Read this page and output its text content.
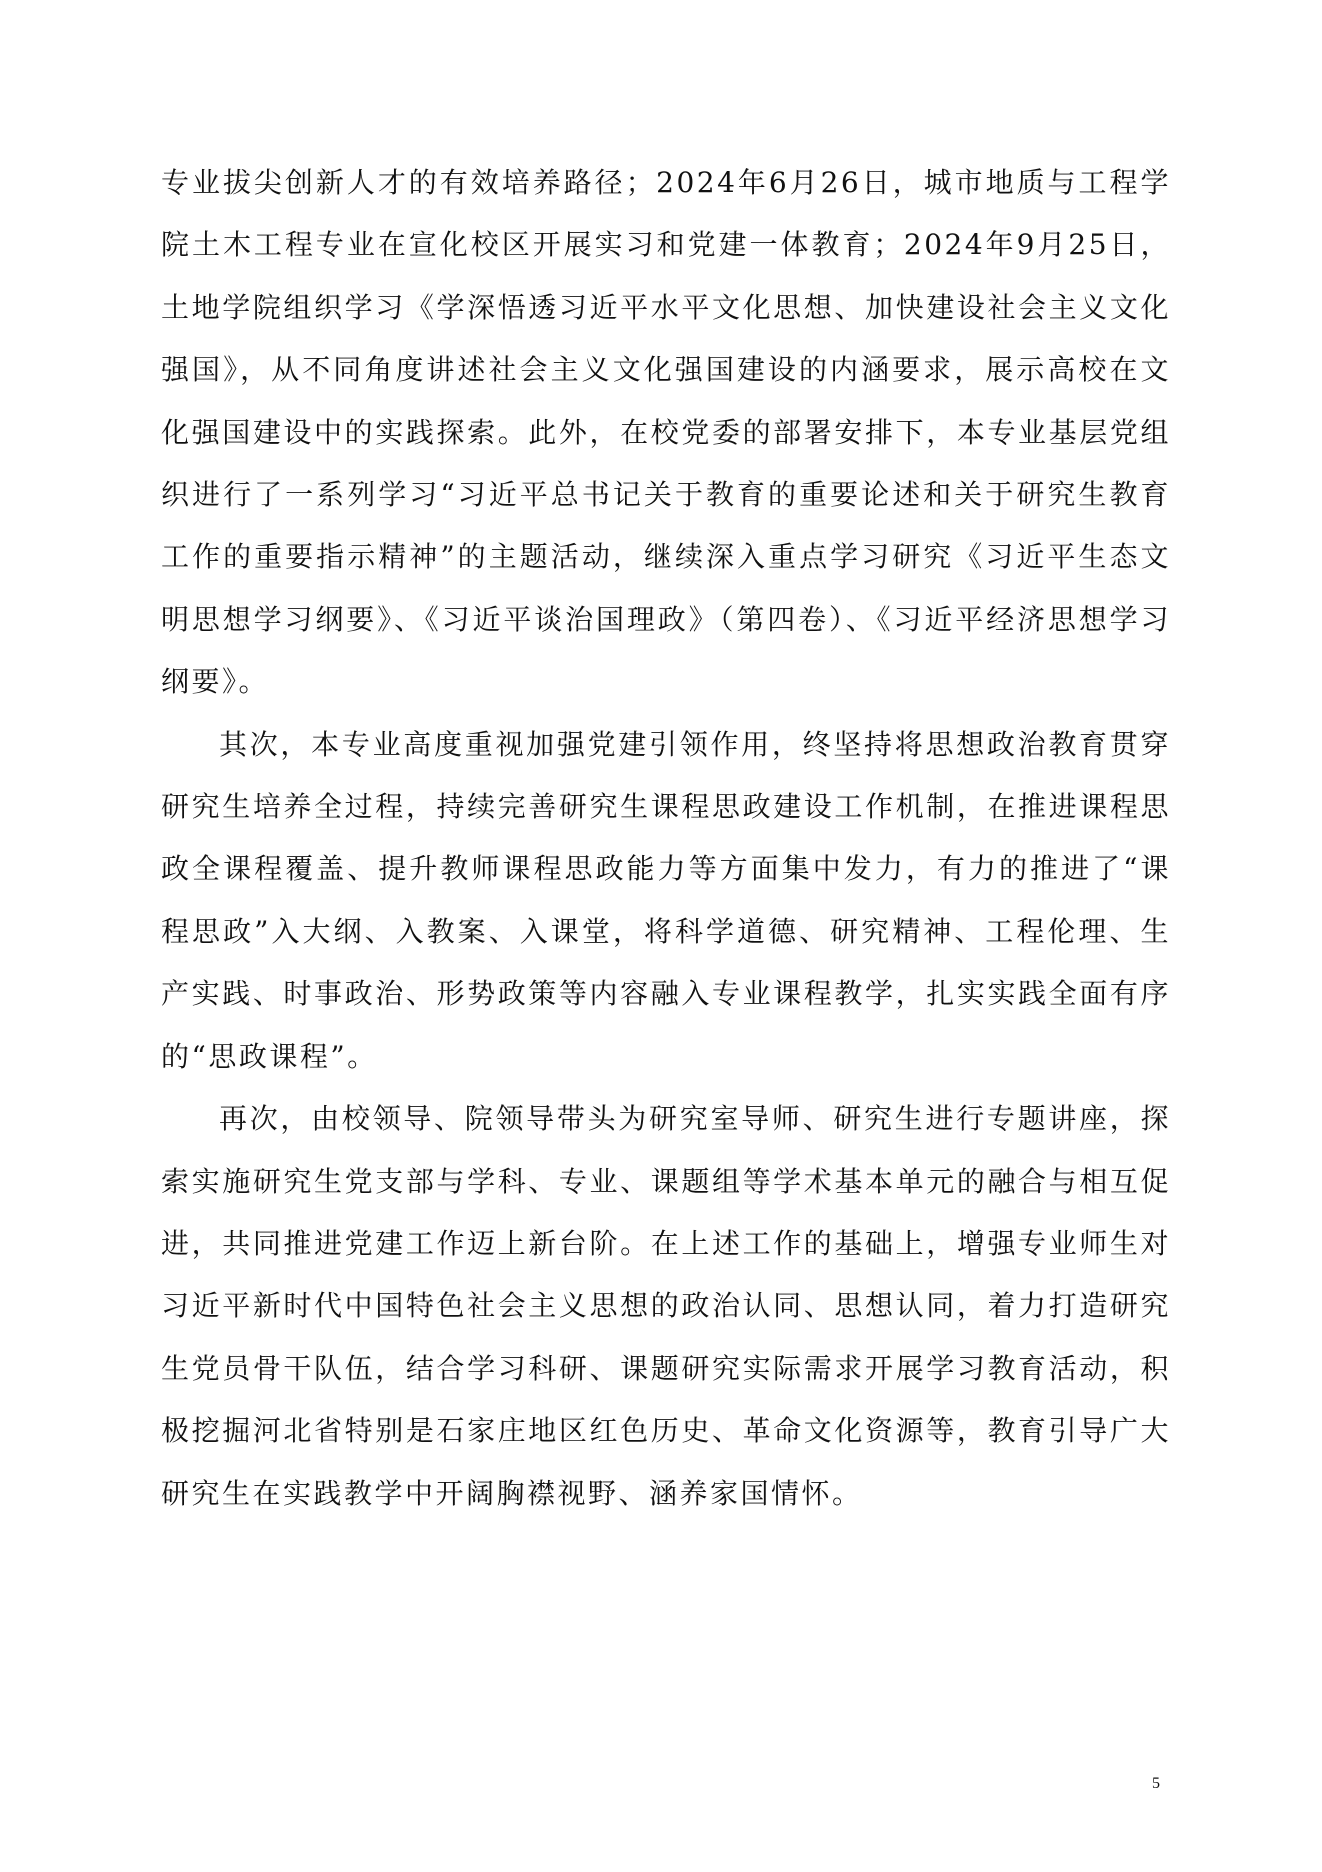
专业拔尖创新人才的有效培养路径；2024年6月26日，城市地质与工程学院土木工程专业在宣化校区开展实习和党建一体教育；2024年9月25日，土地学院组织学习《学深悟透习近平水平文化思想、加快建设社会主义文化强国》，从不同角度讲述社会主义文化强国建设的内涵要求，展示高校在文化强国建设中的实践探索。此外，在校党委的部署安排下，本专业基层党组织进行了一系列学习“习近平总书记关于教育的重要论述和关于研究生教育工作的重要指示精神”的主题活动，继续深入重点学习研究《习近平生态文明思想学习纲要》、《习近平谈治国理政》（第四卷）、《习近平经济思想学习纲要》。

其次，本专业高度重视加强党建引领作用，终坚持将思想政治教育贯穿研究生培养全过程，持续完善研究生课程思政建设工作机制，在推进课程思政全课程覆盖、提升教师课程思政能力等方面集中发力，有力的推进了“课程思政”入大纲、入教案、入课堂，将科学道德、研究精神、工程伦理、生产实践、时事政治、形势政策等内容融入专业课程教学，扎实实践全面有序的“思政课程”。

再次，由校领导、院领导带头为研究室导师、研究生进行专题讲座，探索实施研究生党支部与学科、专业、课题组等学术基本单元的融合与相互促进，共同推进党建工作迈上新台阶。在上述工作的基础上，增强专业师生对习近平新时代中国特色社会主义思想的政治认同、思想认同，着力打造研究生党员骨干队伍，结合学习科研、课题研究实际需求开展学习教育活动，积极挖掘河北省特别是石家庄地区红色历史、革命文化资源等，教育引导广大研究生在实践教学中开阔胸襟视野、涵养家国情怀。

5
